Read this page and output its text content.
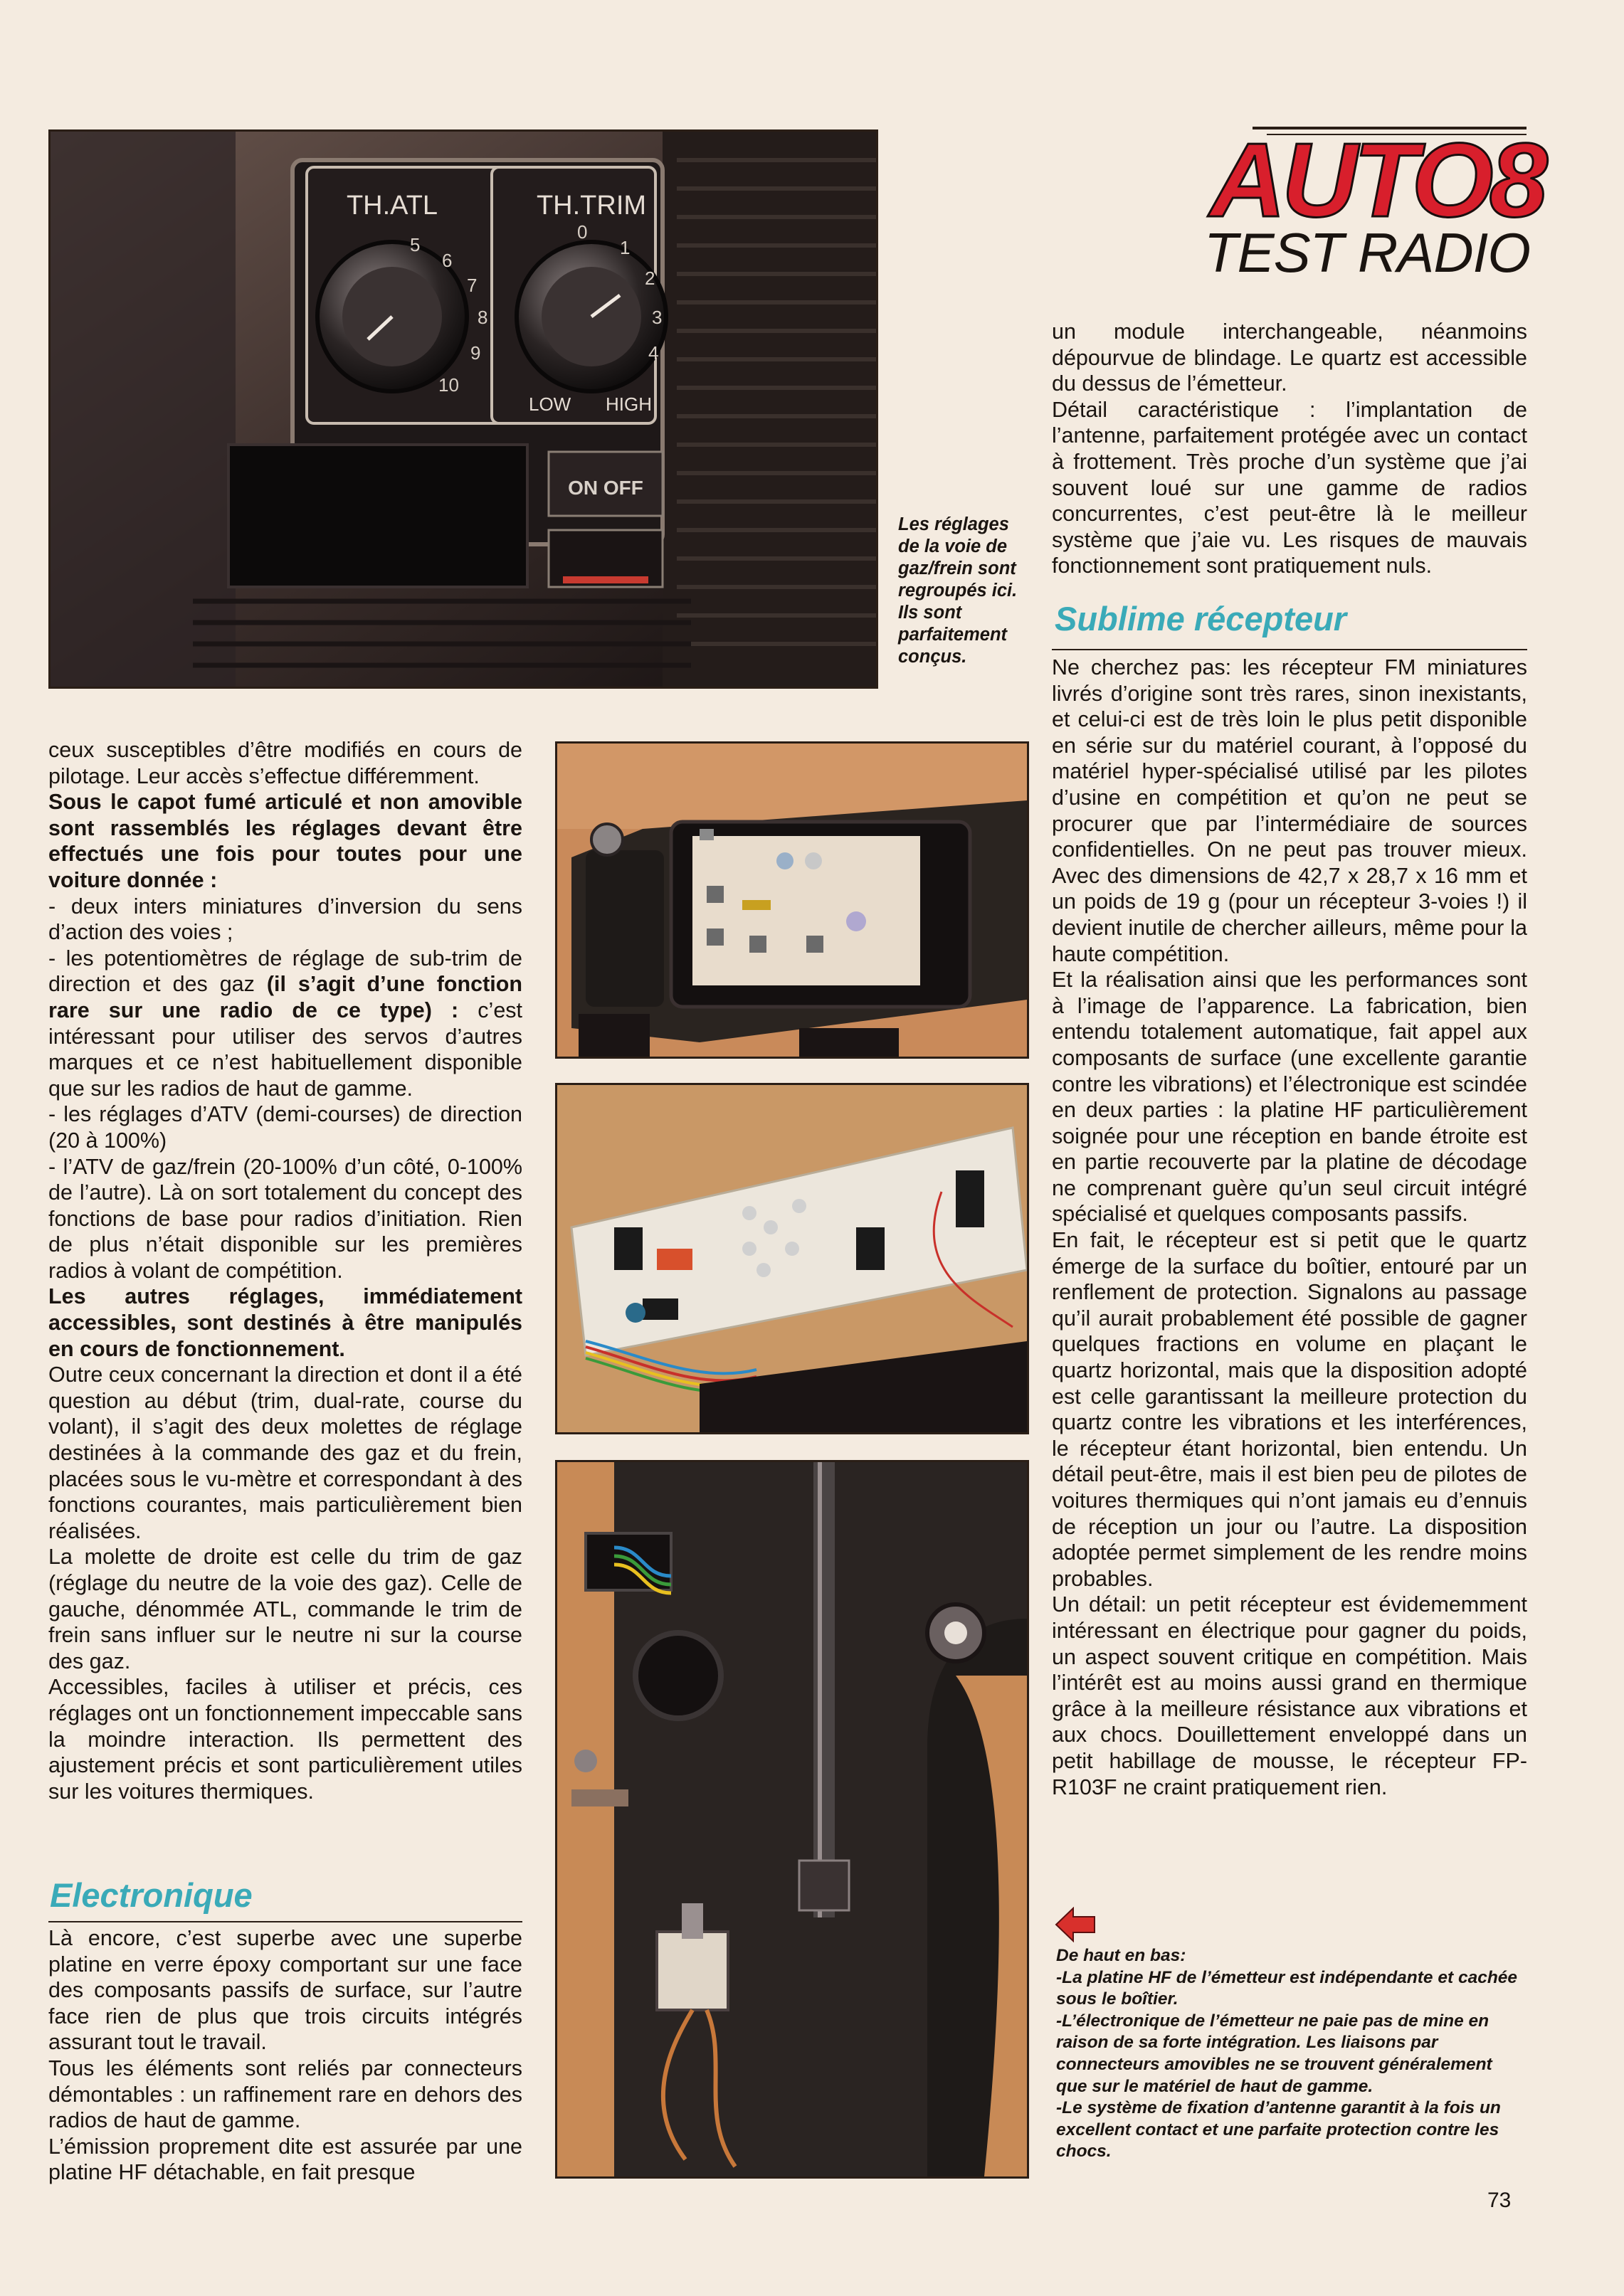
TH.ATL	TH.TRIM
5
6
7
8
9
10
0
1
2
3
4
LOW HIGH
ON OFF
Les réglages de la voie de gaz/frein sont regroupés ici. Ils sont parfaitement conçus.
AUTO8
TEST RADIO

un module interchangeable, néanmoins dépourvue de blindage. Le quartz est accessible du dessus de l’émetteur.

Détail caractéristique : l’implantation de l’antenne, parfaitement protégée avec un contact à frottement. Très proche d’un système que j’ai souvent loué sur une gamme de radios concurrentes, c’est peut-être là le meilleur système que j’aie vu. Les risques de mauvais fonctionnement sont pratiquement nuls.

Sublime récepteur

Ne cherchez pas: les récepteur FM miniatures livrés d’origine sont très rares, sinon inexistants, et celui-ci est de très loin le plus petit disponible en série sur du matériel courant, à l’opposé du matériel hyper-spécialisé utilisé par les pilotes d’usine en compétition et qu’on ne peut se procurer que par l’intermédiaire de sources confidentielles. On ne peut pas trouver mieux. Avec des dimensions de 42,7 x 28,7 x 16 mm et un poids de 19 g (pour un récepteur 3-voies !) il devient inutile de chercher ailleurs, même pour la haute compétition.

Et la réalisation ainsi que les performances sont à l’image de l’apparence. La fabrication, bien entendu totalement automatique, fait appel aux composants de surface (une excellente garantie contre les vibrations) et l’électronique est scindée en deux parties : la platine HF particulièrement soignée pour une réception en bande étroite est en partie recouverte par la platine de décodage ne comprenant guère qu’un seul circuit intégré spécialisé et quelques composants passifs.

En fait, le récepteur est si petit que le quartz émerge de la surface du boîtier, entouré par un renflement de protection. Signalons au passage qu’il aurait probablement été possible de gagner quelques fractions en volume en plaçant le quartz horizontal, mais que la disposition adopté est celle garantissant la meilleure protection du quartz contre les vibrations et les interférences, le récepteur étant horizontal, bien entendu. Un détail peut-être, mais il est bien peu de pilotes de voitures thermiques qui n’ont jamais eu d’ennuis de réception un jour ou l’autre. La disposition adoptée permet simplement de les rendre moins probables.

Un détail: un petit récepteur est évidememment intéressant en électrique pour gagner du poids, un aspect souvent critique en compétition. Mais l’intérêt est au moins aussi grand en thermique grâce à la meilleure résistance aux vibrations et aux chocs. Douillettement enveloppé dans un petit habillage de mousse, le récepteur FP-R103F ne craint pratiquement rien.

De haut en bas:
-La platine HF de l’émetteur est indépendante et cachée sous le boîtier.
-L’électronique de l’émetteur ne paie pas de mine en raison de sa forte intégration. Les liaisons par connecteurs amovibles ne se trouvent généralement que sur le matériel de haut de gamme.
-Le système de fixation d’antenne garantit à la fois un excellent contact et une parfaite protection contre les chocs.
73

ceux susceptibles d’être modifiés en cours de pilotage. Leur accès s’effectue différemment.

Sous le capot fumé articulé et non amovible sont rassemblés les réglages devant être effectués une fois pour toutes pour une voiture donnée :

- deux inters miniatures d’inversion du sens d’action des voies ;

- les potentiomètres de réglage de sub-trim de direction et des gaz (il s’agit d’une fonction rare sur une radio de ce type) : c’est intéressant pour utiliser des servos d’autres marques et ce n’est habituellement disponible que sur les radios de haut de gamme.

- les réglages d’ATV (demi-courses) de direction (20 à 100%)

- l’ATV de gaz/frein (20-100% d’un côté, 0-100% de l’autre). Là on sort totalement du concept des fonctions de base pour radios d’initiation. Rien de plus n’était disponible sur les premières radios à volant de compétition.

Les autres réglages, immédiatement accessibles, sont destinés à être manipulés en cours de fonctionnement.

Outre ceux concernant la direction et dont il a été question au début (trim, dual-rate, course du volant), il s’agit des deux molettes de réglage destinées à la commande des gaz et du frein, placées sous le vu-mètre et correspondant à des fonctions courantes, mais particulièrement bien réalisées.

La molette de droite est celle du trim de gaz (réglage du neutre de la voie des gaz). Celle de gauche, dénommée ATL, commande le trim de frein sans influer sur le neutre ni sur la course des gaz.

Accessibles, faciles à utiliser et précis, ces réglages ont un fonctionnement impeccable sans la moindre interaction. Ils permettent des ajustement précis et sont particulièrement utiles sur les voitures thermiques.

Electronique

Là encore, c’est superbe avec une superbe platine en verre époxy comportant sur une face des composants passifs de surface, sur l’autre face rien de plus que trois circuits intégrés assurant tout le travail.

Tous les éléments sont reliés par connecteurs démontables : un raffinement rare en dehors des radios de haut de gamme.

L’émission proprement dite est assurée par une platine HF détachable, en fait presque
